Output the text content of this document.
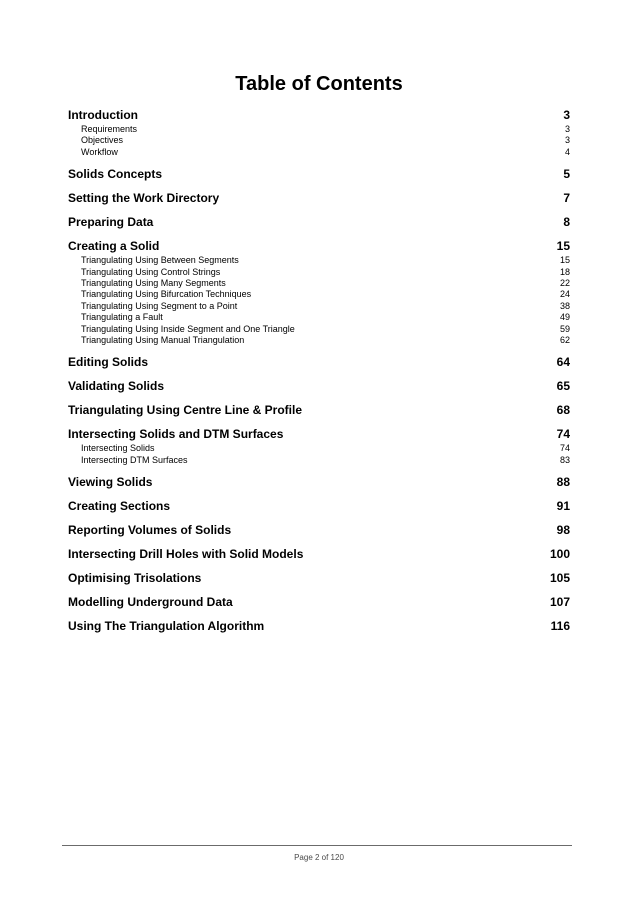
Table of Contents
Introduction	3
Requirements	3
Objectives	3
Workflow	4
Solids Concepts	5
Setting the Work Directory	7
Preparing Data	8
Creating a Solid	15
Triangulating Using Between Segments	15
Triangulating Using Control Strings	18
Triangulating Using Many Segments	22
Triangulating Using Bifurcation Techniques	24
Triangulating Using Segment to a Point	38
Triangulating a Fault	49
Triangulating Using Inside Segment and One Triangle	59
Triangulating Using Manual Triangulation	62
Editing Solids	64
Validating Solids	65
Triangulating Using Centre Line & Profile	68
Intersecting Solids and DTM Surfaces	74
Intersecting Solids	74
Intersecting DTM Surfaces	83
Viewing Solids	88
Creating Sections	91
Reporting Volumes of Solids	98
Intersecting Drill Holes with Solid Models	100
Optimising Trisolations	105
Modelling Underground Data	107
Using The Triangulation Algorithm	116
Page 2 of 120
